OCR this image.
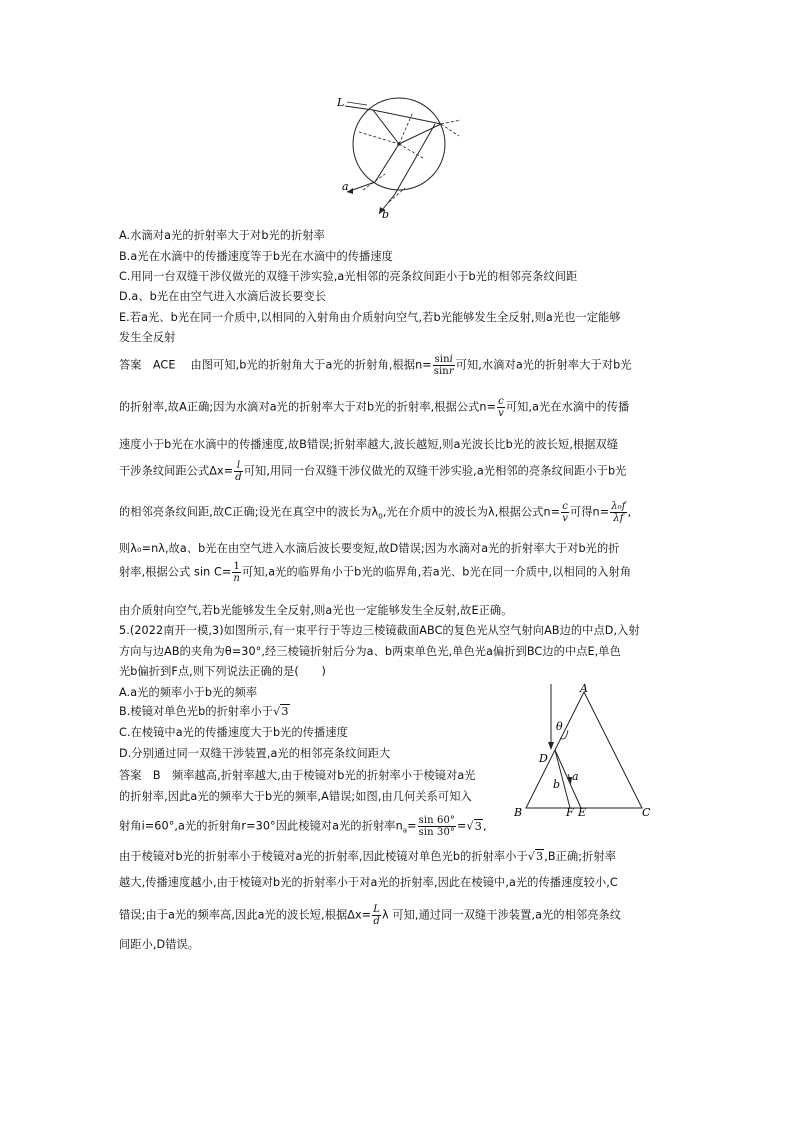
L
a
b
A.水滴对a光的折射率大于对b光的折射率
B.a光在水滴中的传播速度等于b光在水滴中的传播速度
C.用同一台双缝干涉仪做光的双缝干涉实验,a光相邻的亮条纹间距小于b光的相邻亮条纹间距
D.a、b光在由空气进入水滴后波长要变长
E.若a光、b光在同一介质中,以相同的入射角由介质射向空气,若b光能够发生全反射,则a光也一定能够
发生全反射
答案　ACE　 由图可知,b光的折射角大于a光的折射角,根据$n= \frac{\sin i}{\sin r}$ 可知,水滴对a光的折射率大于对b光
的折射率,故A正确;因为水滴对a光的折射率大于对b光的折射率,根据公式$n= \frac{c}{v}$ 可知,a光在水滴中的传播
速度小于b光在水滴中的传播速度,故B错误;折射率越大,波长越短,则a光波长比b光的波长短,根据双缝
干涉条纹间距公式$\Delta x= \frac{l}{d}$ 可知,用同一台双缝干涉仪做光的双缝干涉实验,a光相邻的亮条纹间距小于b光
的相邻亮条纹间距,故C正确;设光在真空中的波长为$\lambda_0$,光在介质中的波长为λ,根据公式$n= \frac{c}{v}$ 可得$n= \frac{\text{λ₀f}}{\lambda f}$ ,
则λ₀=nλ,故a、b光在由空气进入水滴后波长要变短,故D错误;因为水滴对a光的折射率大于对b光的折
射率,根据公式 $\sin C= \frac{1}{n}$ 可知,a光的临界角小于b光的临界角,若a光、b光在同一介质中,以相同的入射角
由介质射向空气,若b光能够发生全反射,则a光也一定能够发生全反射,故E正确。
5.(2022南开一模,3)如图所示,有一束平行于等边三棱镜截面ABC的复色光从空气射向AB边的中点D,入射
方向与边AB的夹角为θ=30°,经三棱镜折射后分为a、b两束单色光,单色光a偏折到BC边的中点E,单色
光b偏折到F点,则下列说法正确的是(　　)
A.a光的频率小于b光的频率
B.棱镜对单色光b的折射率小于√3
C.在棱镜中a光的传播速度大于b光的传播速度
D.分别通过同一双缝干涉装置,a光的相邻亮条纹间距大
答案　B　 频率越高,折射率越大,由于棱镜对b光的折射率小于棱镜对a光
的折射率,因此a光的频率大于b光的频率,A错误;如图,由几何关系可知入
射角i=60°,a光的折射角r=30°因此棱镜对a光的折射率$n_a= \frac{\sin 60^\circ}{\sin 30^\circ} =√3$,
由于棱镜对b光的折射率小于棱镜对a光的折射率,因此棱镜对单色光b的折射率小于√3,B正确;折射率
越大,传播速度越小,由于棱镜对b光的折射率小于对a光的折射率,因此在棱镜中,a光的传播速度较小,C
错误;由于a光的频率高,因此a光的波长短,根据$\Delta x= \frac{L}{d}$ λ 可知,通过同一双缝干涉装置,a光的相邻亮条纹
间距小,D错误。
A
B	C
D
E
F
a
b
θ
